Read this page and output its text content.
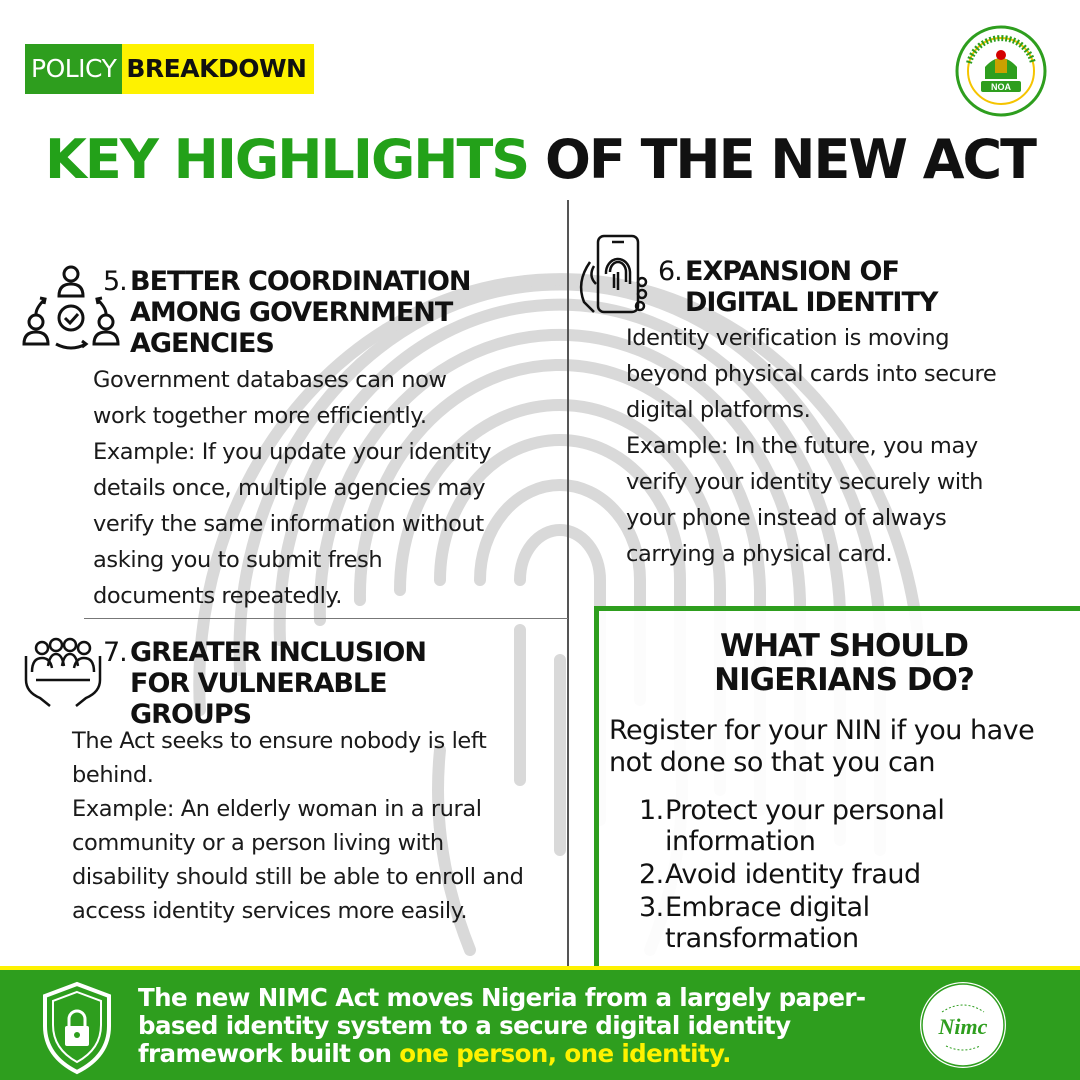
POLICY BREAKDOWN
NOA
KEY HIGHLIGHTS OF THE NEW ACT
5. BETTER COORDINATION
AMONG GOVERNMENT
AGENCIES
Government databases can now
work together more efficiently.
Example: If you update your identity
details once, multiple agencies may
verify the same information without
asking you to submit fresh
documents repeatedly.
6. EXPANSION OF
DIGITAL IDENTITY
Identity verification is moving
beyond physical cards into secure
digital platforms.
Example: In the future, you may
verify your identity securely with
your phone instead of always
carrying a physical card.
7. GREATER INCLUSION
FOR VULNERABLE
GROUPS
The Act seeks to ensure nobody is left
behind.
Example: An elderly woman in a rural
community or a person living with
disability should still be able to enroll and
access identity services more easily.
WHAT SHOULD
NIGERIANS DO?
Register for your NIN if you have
not done so that you can
1. Protect your personal
information
2. Avoid identity fraud
3. Embrace digital
transformation
The new NIMC Act moves Nigeria from a largely paper-
based identity system to a secure digital identity
framework built on one person, one identity.
Nimc
